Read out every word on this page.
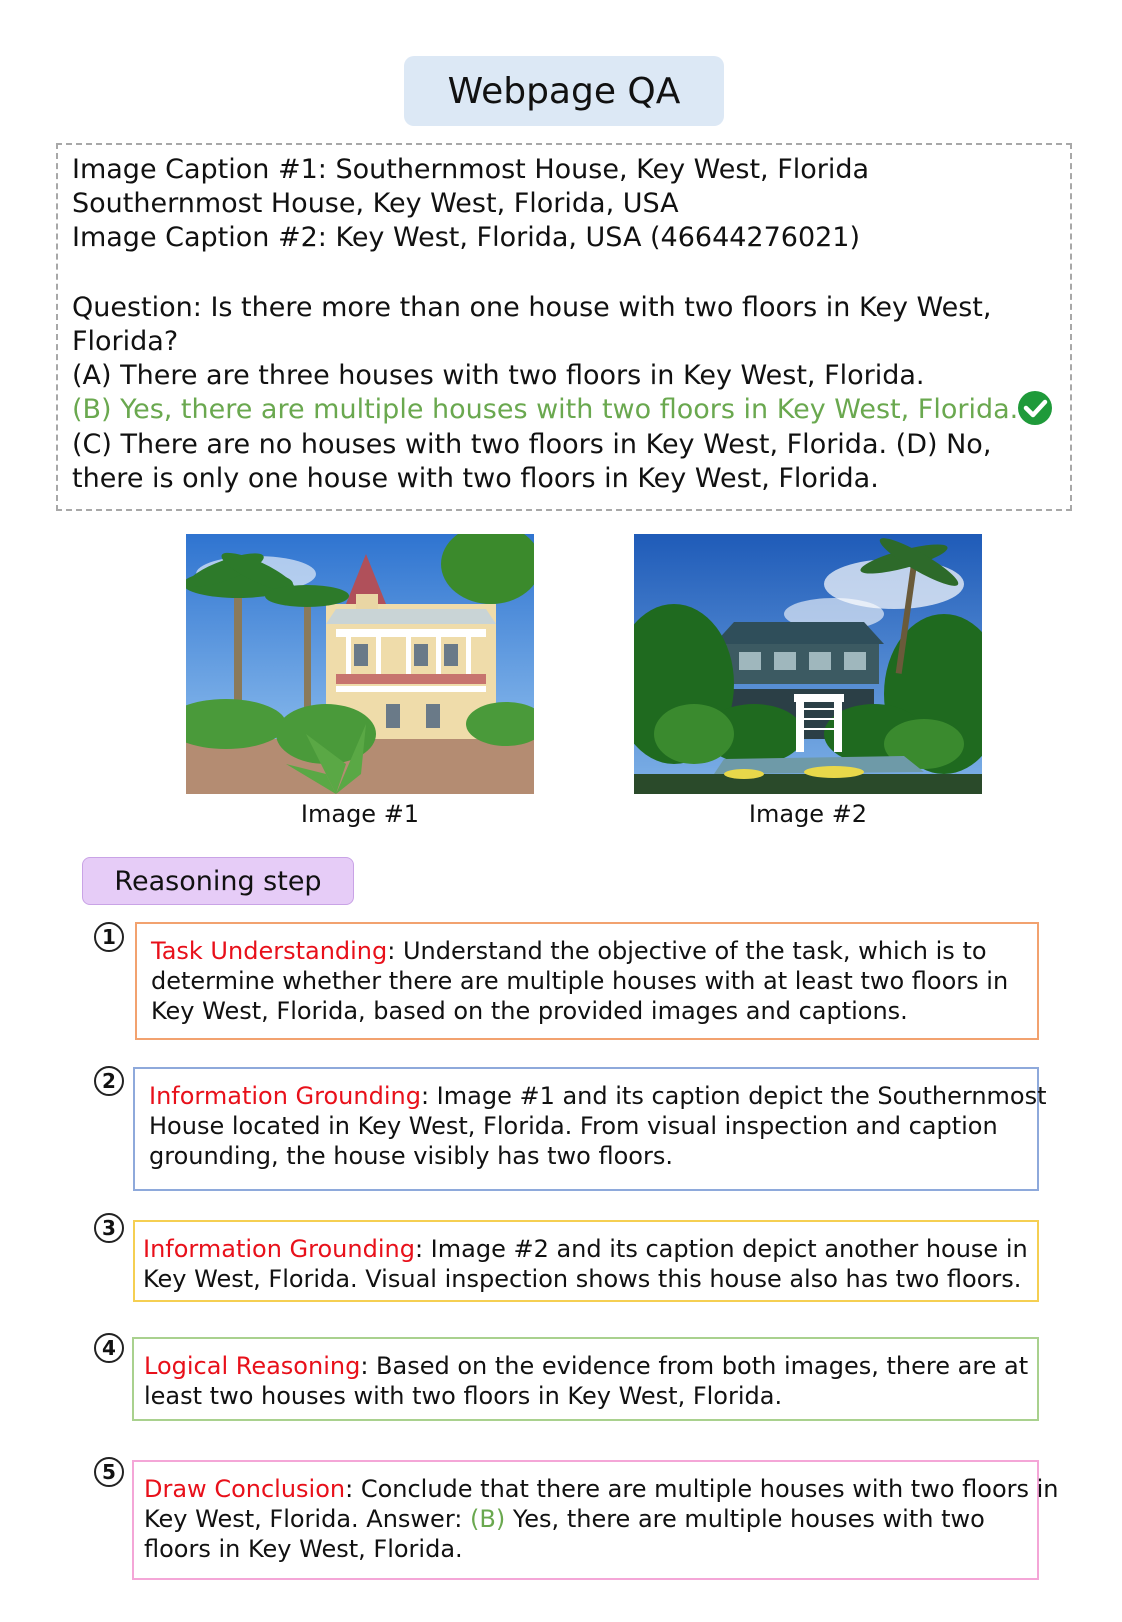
Webpage QA
Image Caption #1: Southernmost House, Key West, Florida
Southernmost House, Key West, Florida, USA
Image Caption #2: Key West, Florida, USA (46644276021)
Question: Is there more than one house with two floors in Key West,
Florida?
(A) There are three houses with two floors in Key West, Florida.
(B) Yes, there are multiple houses with two floors in Key West, Florida.
(C) There are no houses with two floors in Key West, Florida. (D) No,
there is only one house with two floors in Key West, Florida.
Image #1	Image #2
Reasoning step
1	Task Understanding: Understand the objective of the task, which is to
determine whether there are multiple houses with at least two floors in
Key West, Florida, based on the provided images and captions.
2
Information Grounding: Image #1 and its caption depict the Southernmost
House located in Key West, Florida. From visual inspection and caption
grounding, the house visibly has two floors.
3
Information Grounding: Image #2 and its caption depict another house in
Key West, Florida. Visual inspection shows this house also has two floors.
4
Logical Reasoning: Based on the evidence from both images, there are at
least two houses with two floors in Key West, Florida.
5
Draw Conclusion: Conclude that there are multiple houses with two floors in
Key West, Florida. Answer: (B) Yes, there are multiple houses with two
floors in Key West, Florida.
